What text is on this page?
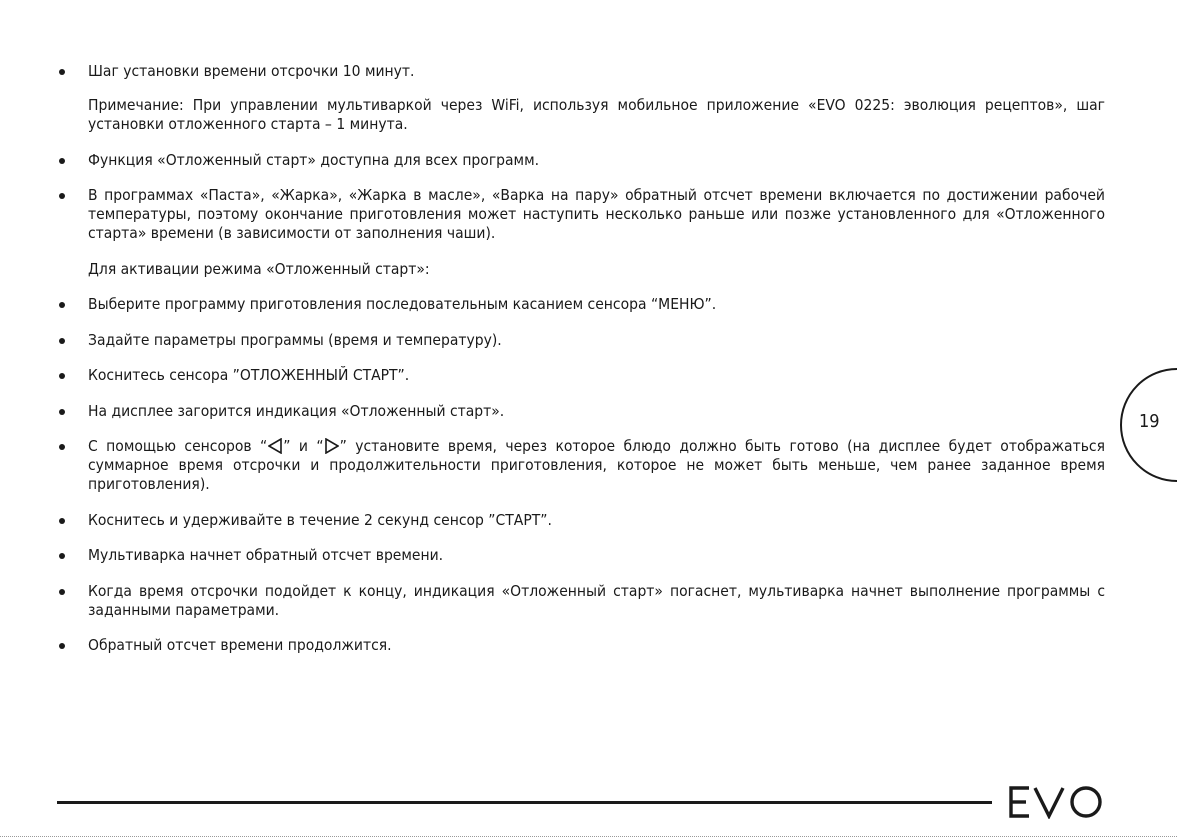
Шаг установки времени отсрочки 10 минут.
Примечание: При управлении мультиваркой через WiFi, используя мобильное приложение «EVO 0225: эволюция рецептов», шаг установки отложенного старта – 1 минута.
Функция «Отложенный старт» доступна для всех программ.
В программах «Паста», «Жарка», «Жарка в масле», «Варка на пару» обратный отсчет времени включается по достижении рабочей температуры, поэтому окончание приготовления может наступить несколько раньше или позже установленного для «Отложенного старта» времени (в зависимости от заполнения чаши).
Для активации режима «Отложенный старт»:
Выберите программу приготовления последовательным касанием сенсора “МЕНЮ”.
Задайте параметры программы (время и температуру).
Коснитесь сенсора ”ОТЛОЖЕННЫЙ СТАРТ”.
На дисплее загорится индикация «Отложенный старт».
С помощью сенсоров “ ” и “ ” установите время, через которое блюдо должно быть готово (на дисплее будет отображаться суммарное время отсрочки и продолжительности приготовления, которое не может быть меньше, чем ранее заданное время приготовления).
Коснитесь и удерживайте в течение 2 секунд сенсор ”СТАРТ”.
Мультиварка начнет обратный отсчет времени.
Когда время отсрочки подойдет к концу, индикация «Отложенный старт» погаснет, мультиварка начнет выполнение программы с заданными параметрами.
Обратный отсчет времени продолжится.
19
